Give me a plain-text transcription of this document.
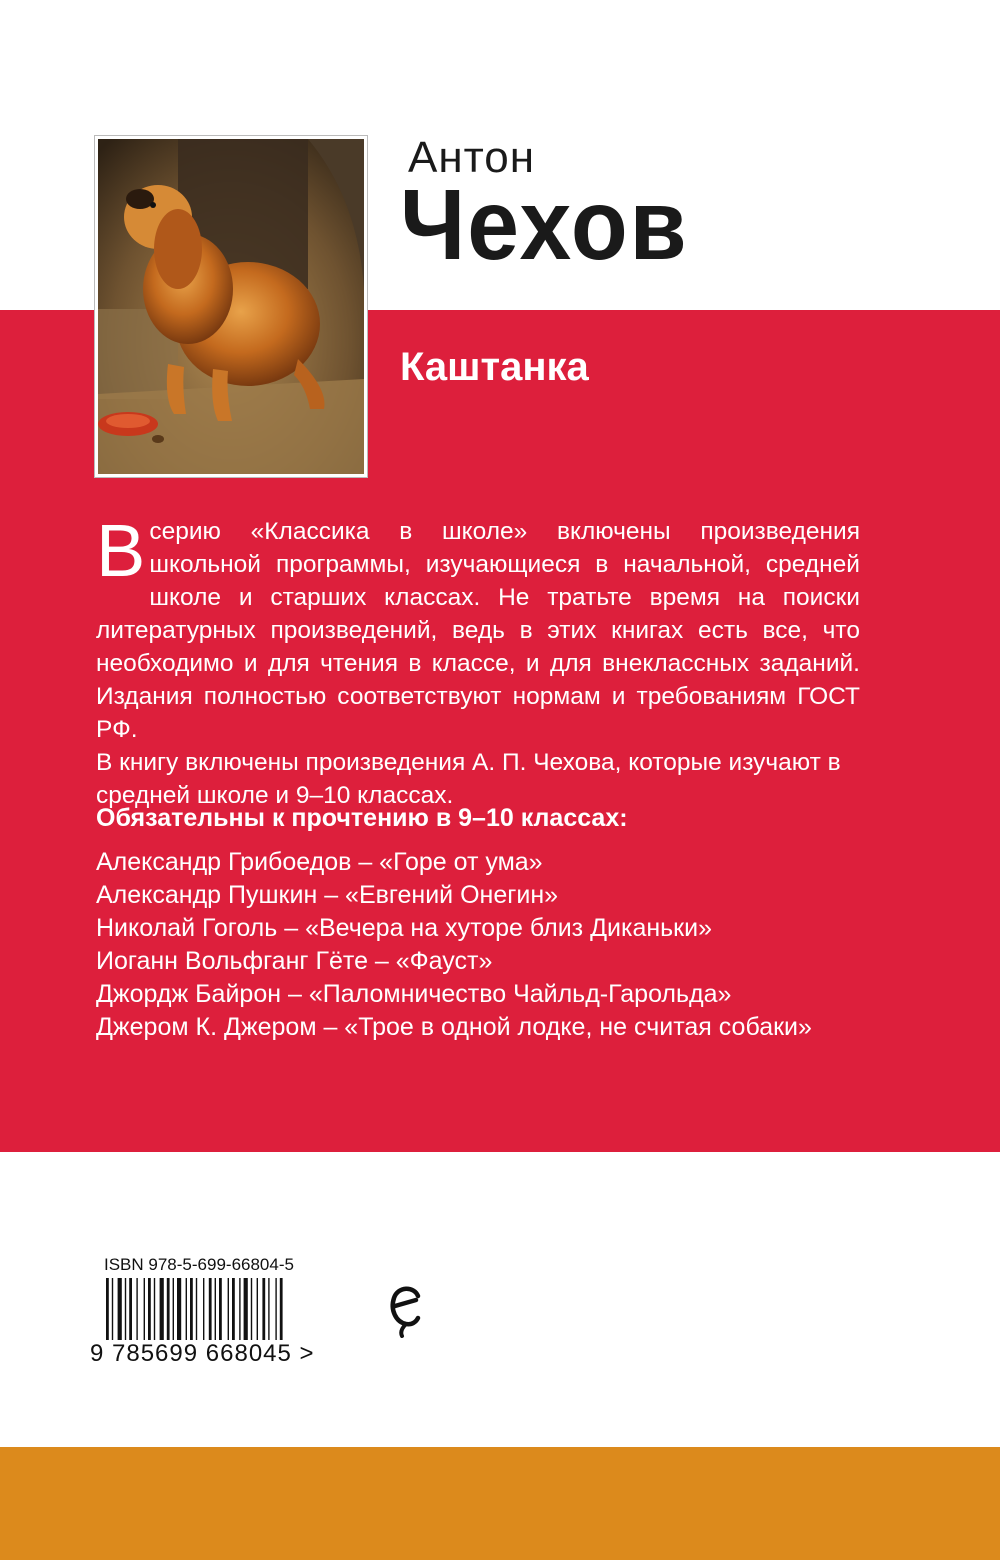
Антон
Чехов
Каштанка

Всерию «Классика в школе» включены произведения школьной программы, изучающиеся в начальной, средней школе и старших классах. Не тратьте время на поиски литературных произведений, ведь в этих книгах есть все, что необходимо и для чтения в классе, и для внеклассных заданий. Издания полностью соответствуют нормам и требованиям ГОСТ РФ.

В книгу включены произведения А. П. Чехова, которые изучают в средней школе и 9–10 классах.

Обязательны к прочтению в 9–10 классах:
Александр Грибоедов – «Горе от ума»
Александр Пушкин – «Евгений Онегин»
Николай Гоголь – «Вечера на хуторе близ Диканьки»
Иоганн Вольфганг Гёте – «Фауст»
Джордж Байрон – «Паломничество Чайльд-Гарольда»
Джером К. Джером – «Трое в одной лодке, не считая собаки»
ISBN 978-5-699-66804-5
9 785699 668045 >
